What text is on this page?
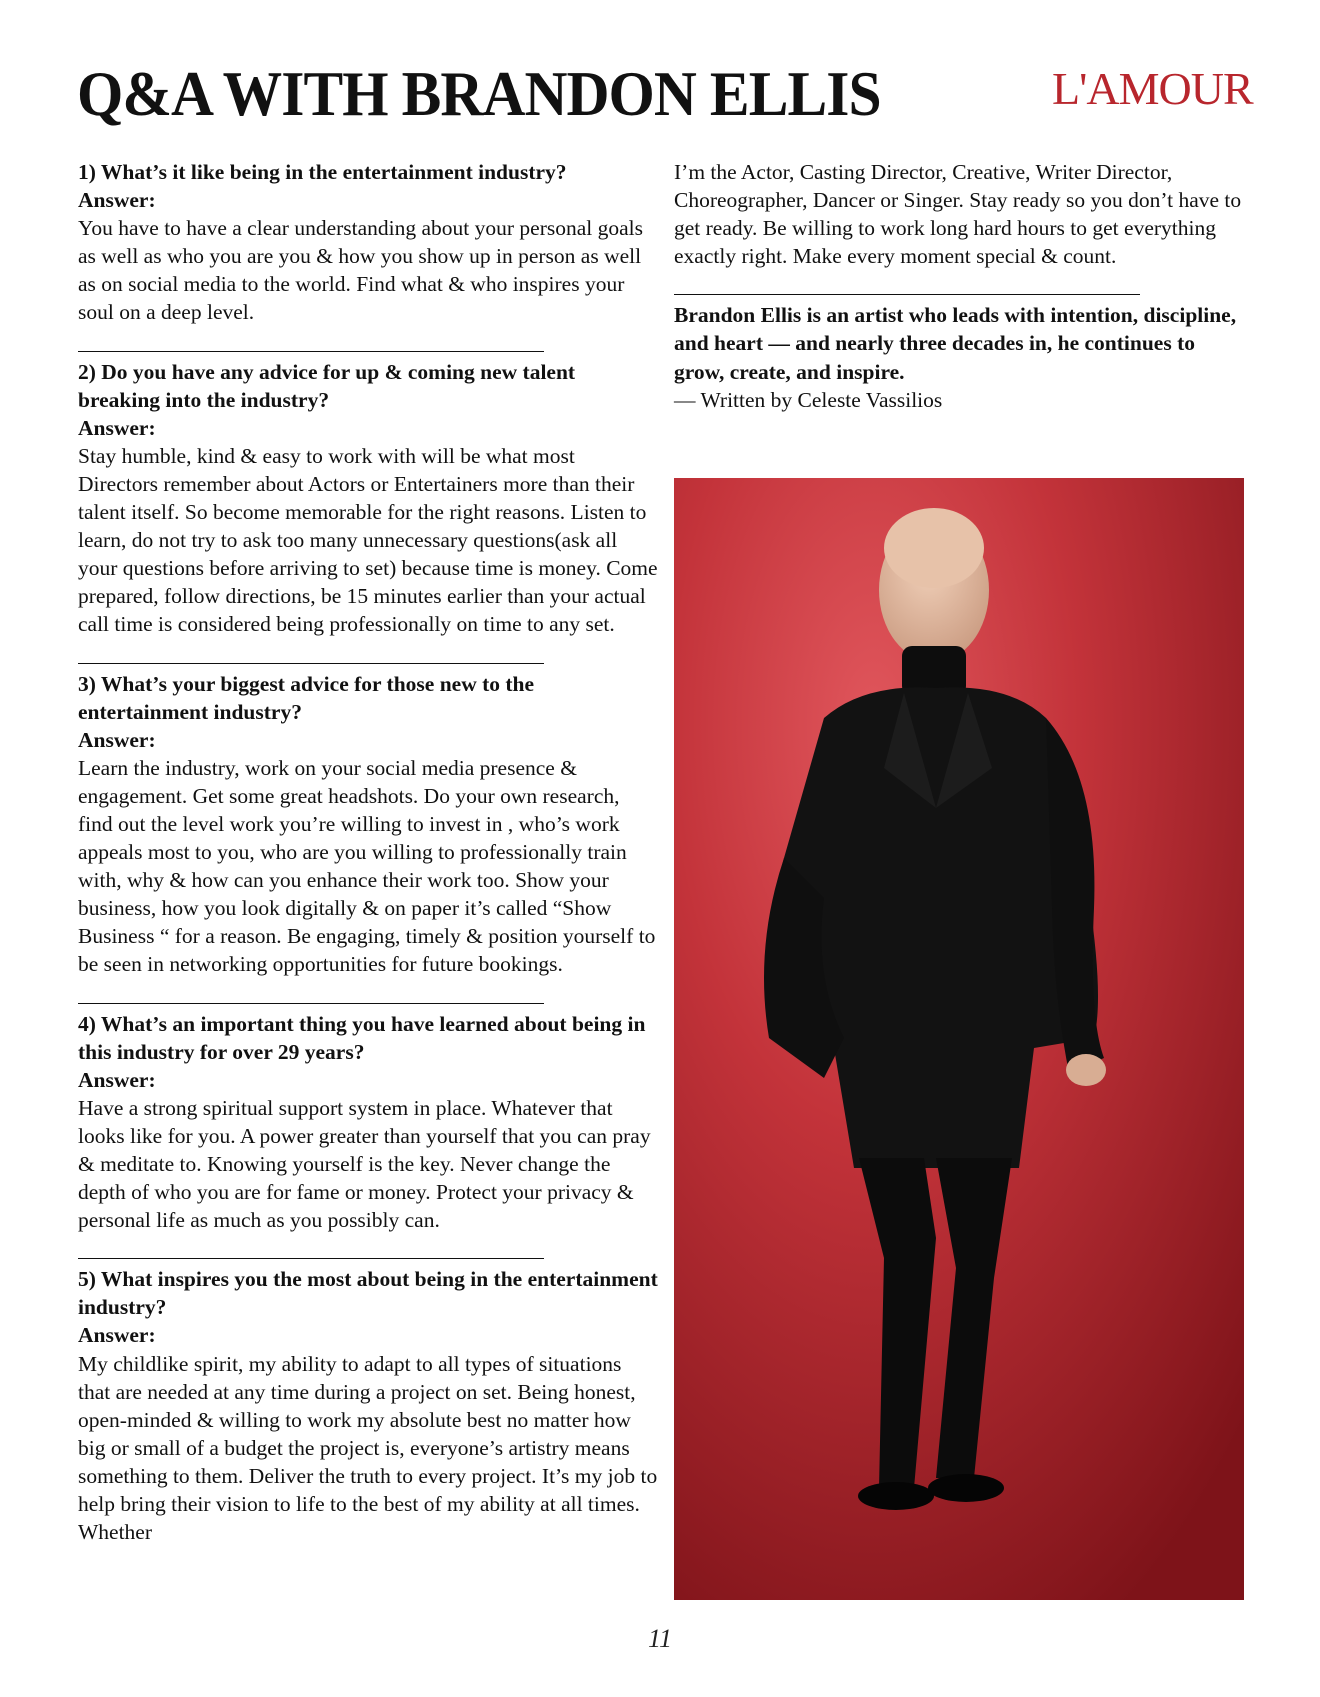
Q&A WITH BRANDON ELLIS	L'AMOUR

1) What’s it like being in the entertainment industry?

Answer:

You have to have a clear understanding about your personal goals as well as who you are you & how you show up in person as well as on social media to the world. Find what & who inspires your soul on a deep level.

2) Do you have any advice for up & coming new talent breaking into the industry?

Answer:

Stay humble, kind & easy to work with will be what most Directors remember about Actors or Entertainers more than their talent itself. So become memorable for the right reasons. Listen to learn, do not try to ask too many unnecessary questions(ask all your questions before arriving to set) because time is money. Come prepared, follow directions, be 15 minutes earlier than your actual call time is considered being professionally on time to any set.

3) What’s your biggest advice for those new to the entertainment industry?

Answer:

Learn the industry, work on your social media presence & engagement. Get some great headshots. Do your own research, find out the level work you’re willing to invest in , who’s work appeals most to you, who are you willing to professionally train with, why & how can you enhance their work too. Show your business, how you look digitally & on paper it’s called “Show Business “ for a reason. Be engaging, timely & position yourself to be seen in networking opportunities for future bookings.

4) What’s an important thing you have learned about being in this industry for over 29 years?

Answer:

Have a strong spiritual support system in place. Whatever that looks like for you. A power greater than yourself that you can pray & meditate to. Knowing yourself is the key. Never change the depth of who you are for fame or money. Protect your privacy & personal life as much as you possibly can.

5) What inspires you the most about being in the entertainment industry?

Answer:

My childlike spirit, my ability to adapt to all types of situations that are needed at any time during a project on set. Being honest, open-minded & willing to work my absolute best no matter how big or small of a budget the project is, everyone’s artistry means something to them. Deliver the truth to every project. It’s my job to help bring their vision to life to the best of my ability at all times. Whether

I’m the Actor, Casting Director, Creative, Writer Director, Choreographer, Dancer or Singer. Stay ready so you don’t have to get ready. Be willing to work long hard hours to get everything exactly right. Make every moment special & count.

Brandon Ellis is an artist who leads with intention, discipline, and heart — and nearly three decades in, he continues to grow, create, and inspire.

— Written by Celeste Vassilios

11
